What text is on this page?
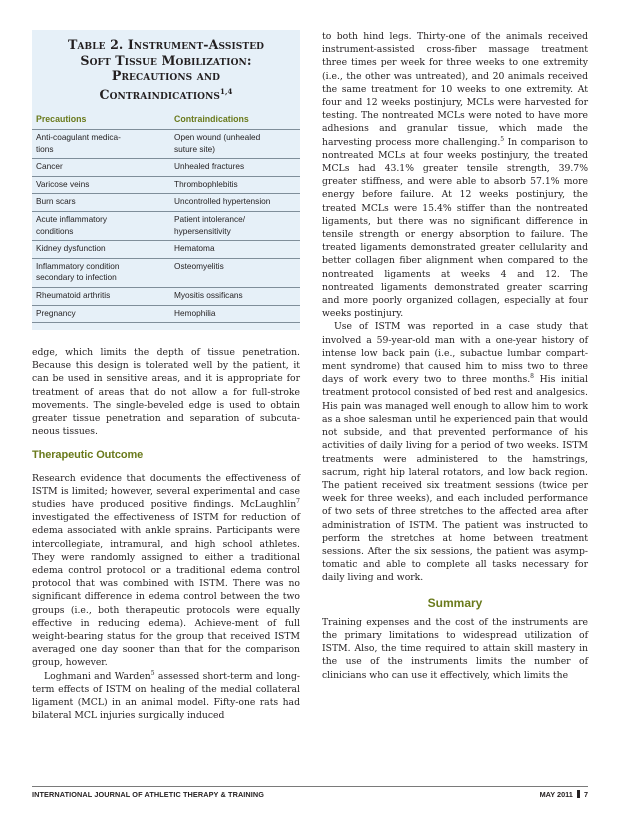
Table 2. Instrument-Assisted
Soft Tissue Mobilization:
Precautions and
Contraindications$^{1,4}$
Precautions	Contraindications

Anti-coagulant medica-
tions	Open wound (unhealed
suture site)

Cancer	Unhealed fractures

Varicose veins	Thrombophlebitis

Burn scars	Uncontrolled hypertension

Acute inflammatory
conditions	Patient intolerance/
hypersensitivity

Kidney dysfunction	Hematoma

Inflammatory condition
secondary to infection	Osteomyelitis

Rheumatoid arthritis	Myositis ossificans

Pregnancy	Hemophilia

edge, which limits the depth of tissue penetration. Because this design is tolerated well by the patient, it can be used in sensitive areas, and it is appropriate for treatment of areas that do not allow a for full-stroke movements. The single-beveled edge is used to obtain greater tissue penetration and separation of subcuta-neous tissues.

Therapeutic Outcome

Research evidence that documents the effectiveness of ISTM is limited; however, several experimental and case studies have produced positive findings. McLaughlin$^7$ investigated the effectiveness of ISTM for reduction of edema associated with ankle sprains. Participants were intercollegiate, intramural, and high school athletes. They were randomly assigned to either a traditional edema control protocol or a traditional edema control protocol that was combined with ISTM. There was no significant difference in edema control between the two groups (i.e., both therapeutic protocols were equally effective in reducing edema). Achieve-ment of full weight-bearing status for the group that received ISTM averaged one day sooner than that for the comparison group, however.

Loghmani and Warden$^5$ assessed short-term and long-term effects of ISTM on healing of the medial collateral ligament (MCL) in an animal model. Fifty-one rats had bilateral MCL injuries surgically induced

to both hind legs. Thirty-one of the animals received instrument-assisted cross-fiber massage treatment three times per week for three weeks to one extremity (i.e., the other was untreated), and 20 animals received the same treatment for 10 weeks to one extremity. At four and 12 weeks postinjury, MCLs were harvested for testing. The nontreated MCLs were noted to have more adhesions and granular tissue, which made the harvesting process more challenging.$^5$ In comparison to nontreated MCLs at four weeks postinjury, the treated MCLs had 43.1% greater tensile strength, 39.7% greater stiffness, and were able to absorb 57.1% more energy before failure. At 12 weeks postinjury, the treated MCLs were 15.4% stiffer than the nontreated ligaments, but there was no significant difference in tensile strength or energy absorption to failure. The treated ligaments demonstrated greater cellularity and better collagen fiber alignment when compared to the nontreated ligaments at weeks 4 and 12. The nontreated ligaments demonstrated greater scarring and more poorly organized collagen, especially at four weeks postinjury.

Use of ISTM was reported in a case study that involved a 59-year-old man with a one-year history of intense low back pain (i.e., subactue lumbar compart-ment syndrome) that caused him to miss two to three days of work every two to three months.$^8$ His initial treatment protocol consisted of bed rest and analgesics. His pain was managed well enough to allow him to work as a shoe salesman until he experienced pain that would not subside, and that prevented performance of his activities of daily living for a period of two weeks. ISTM treatments were administered to the hamstrings, sacrum, right hip lateral rotators, and low back region. The patient received six treatment sessions (twice per week for three weeks), and each included performance of two sets of three stretches to the affected area after administration of ISTM. The patient was instructed to perform the stretches at home between treatment sessions. After the six sessions, the patient was asymp-tomatic and able to complete all tasks necessary for daily living and work.

Summary

Training expenses and the cost of the instruments are the primary limitations to widespread utilization of ISTM. Also, the time required to attain skill mastery in the use of the instruments limits the number of clinicians who can use it effectively, which limits the

INTERNATIONAL JOURNAL OF ATHLETIC THERAPY & TRAINING	MAY 2011 7
